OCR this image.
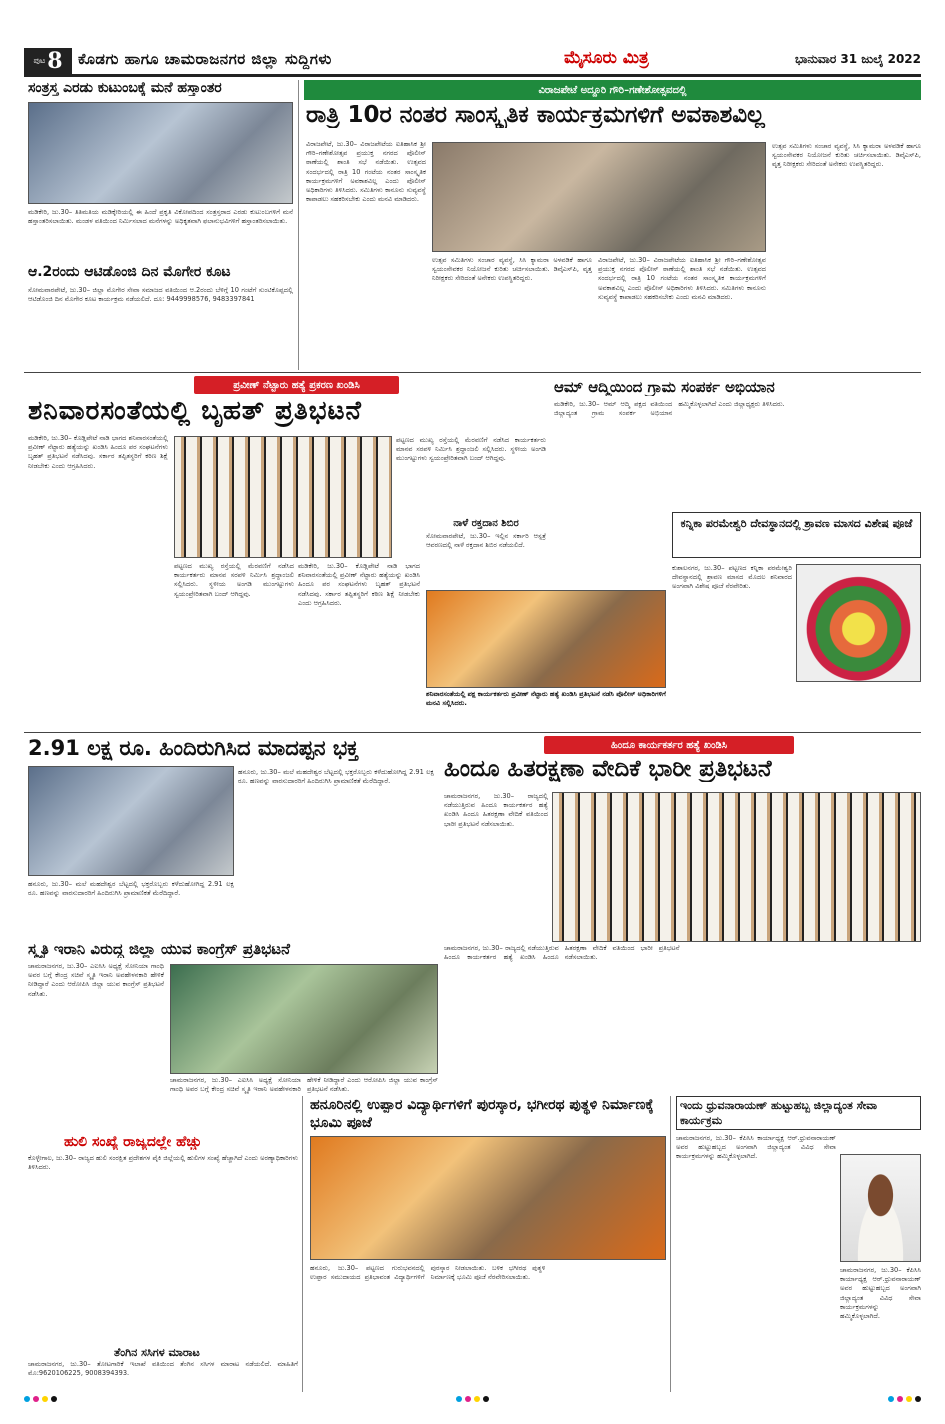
ಪುಟ 8 ಕೊಡಗು ಹಾಗೂ ಚಾಮರಾಜನಗರ ಜಿಲ್ಲಾ ಸುದ್ದಿಗಳು	ಮೈಸೂರು ಮಿತ್ರ	ಭಾನುವಾರ 31 ಜುಲೈ 2022
ಸಂತ್ರಸ್ತ ಎರಡು ಕುಟುಂಬಕ್ಕೆ ಮನೆ ಹಸ್ತಾಂತರ
ಮಡಿಕೇರಿ, ಜು.30– ತಿತಿಮತಿಯ ಮಡಿಕ್ಕೇರಿಯಲ್ಲಿ ಈ ಹಿಂದೆ ಪ್ರಕೃತಿ ವಿಕೋಪದಿಂದ ಸಂತ್ರಸ್ತರಾದ ಎರಡು ಕುಟುಂಬಗಳಿಗೆ ಮನೆ ಹಸ್ತಾಂತರಿಸಲಾಯಿತು. ಮಂಡಳ ವತಿಯಿಂದ ನಿರ್ಮಿಸಲಾದ ಮನೆಗಳನ್ನು ಅಧಿಕೃತವಾಗಿ ಫಲಾನುಭವಿಗಳಿಗೆ ಹಸ್ತಾಂತರಿಸಲಾಯಿತು.
ಆ.2ರಂದು ಆಟಿಡೊಂಜಿ ದಿನ ಮೊಗೇರ ಕೂಟ
ಸೋಮವಾರಪೇಟೆ, ಜು.30– ಜಿಲ್ಲಾ ಮೊಗೇರ ಸೇವಾ ಸಮಾಜದ ವತಿಯಿಂದ ಆ.2ರಂದು ಬೆಳಿಗ್ಗೆ 10 ಗಂಟೆಗೆ ಸುಂಟಿಕೊಪ್ಪದಲ್ಲಿ ಆಟಿಡೊಂಜಿ ದಿನ ಮೊಗೇರ ಕೂಟ ಕಾರ್ಯಕ್ರಮ ನಡೆಯಲಿದೆ. ದೂ: 9449998576, 9483397841
ವಿರಾಜಪೇಟೆ ಅದ್ದೂರಿ ಗೌರಿ–ಗಣೇಶೋತ್ಸವದಲ್ಲಿ
ರಾತ್ರಿ 10ರ ನಂತರ ಸಾಂಸ್ಕೃತಿಕ ಕಾರ್ಯಕ್ರಮಗಳಿಗೆ ಅವಕಾಶವಿಲ್ಲ
ವಿರಾಜಪೇಟೆ, ಜು.30– ವಿರಾಜಪೇಟೆಯ ಐತಿಹಾಸಿಕ ಶ್ರೀ ಗೌರಿ–ಗಣೇಶೋತ್ಸವ ಪ್ರಯುಕ್ತ ನಗರದ ಪೊಲೀಸ್ ಠಾಣೆಯಲ್ಲಿ ಶಾಂತಿ ಸಭೆ ನಡೆಯಿತು. ಉತ್ಸವದ ಸಂದರ್ಭದಲ್ಲಿ ರಾತ್ರಿ 10 ಗಂಟೆಯ ನಂತರ ಸಾಂಸ್ಕೃತಿಕ ಕಾರ್ಯಕ್ರಮಗಳಿಗೆ ಅವಕಾಶವಿಲ್ಲ ಎಂದು ಪೊಲೀಸ್ ಅಧಿಕಾರಿಗಳು ತಿಳಿಸಿದರು. ಸಮಿತಿಗಳು ಕಾನೂನು ಸುವ್ಯವಸ್ಥೆ ಕಾಪಾಡಲು ಸಹಕರಿಸಬೇಕು ಎಂದು ಮನವಿ ಮಾಡಿದರು.
ಉತ್ಸವ ಸಮಿತಿಗಳು ಸಂಚಾರ ವ್ಯವಸ್ಥೆ, ಸಿಸಿ ಕ್ಯಾಮರಾ ಅಳವಡಿಕೆ ಹಾಗೂ ಸ್ವಯಂಸೇವಕರ ನಿಯೋಜನೆ ಕುರಿತು ಚರ್ಚಿಸಲಾಯಿತು. ಡಿವೈಎಸ್‌ಪಿ, ವೃತ್ತ ನಿರೀಕ್ಷಕರು ಸೇರಿದಂತೆ ಅನೇಕರು ಉಪಸ್ಥಿತರಿದ್ದರು.
ವಿರಾಜಪೇಟೆ, ಜು.30– ವಿರಾಜಪೇಟೆಯ ಐತಿಹಾಸಿಕ ಶ್ರೀ ಗೌರಿ–ಗಣೇಶೋತ್ಸವ ಪ್ರಯುಕ್ತ ನಗರದ ಪೊಲೀಸ್ ಠಾಣೆಯಲ್ಲಿ ಶಾಂತಿ ಸಭೆ ನಡೆಯಿತು. ಉತ್ಸವದ ಸಂದರ್ಭದಲ್ಲಿ ರಾತ್ರಿ 10 ಗಂಟೆಯ ನಂತರ ಸಾಂಸ್ಕೃತಿಕ ಕಾರ್ಯಕ್ರಮಗಳಿಗೆ ಅವಕಾಶವಿಲ್ಲ ಎಂದು ಪೊಲೀಸ್ ಅಧಿಕಾರಿಗಳು ತಿಳಿಸಿದರು. ಸಮಿತಿಗಳು ಕಾನೂನು ಸುವ್ಯವಸ್ಥೆ ಕಾಪಾಡಲು ಸಹಕರಿಸಬೇಕು ಎಂದು ಮನವಿ ಮಾಡಿದರು.
ಉತ್ಸವ ಸಮಿತಿಗಳು ಸಂಚಾರ ವ್ಯವಸ್ಥೆ, ಸಿಸಿ ಕ್ಯಾಮರಾ ಅಳವಡಿಕೆ ಹಾಗೂ ಸ್ವಯಂಸೇವಕರ ನಿಯೋಜನೆ ಕುರಿತು ಚರ್ಚಿಸಲಾಯಿತು. ಡಿವೈಎಸ್‌ಪಿ, ವೃತ್ತ ನಿರೀಕ್ಷಕರು ಸೇರಿದಂತೆ ಅನೇಕರು ಉಪಸ್ಥಿತರಿದ್ದರು.
ಪ್ರವೀಣ್ ನೆಟ್ಟಾರು ಹತ್ಯೆ ಪ್ರಕರಣ ಖಂಡಿಸಿ
ಶನಿವಾರಸಂತೆಯಲ್ಲಿ ಬೃಹತ್ ಪ್ರತಿಭಟನೆ
ಮಡಿಕೇರಿ, ಜು.30– ಕೊಡ್ಲಿಪೇಟೆ ನಾಡಿ ಭಾಗದ ಶನಿವಾರಸಂತೆಯಲ್ಲಿ ಪ್ರವೀಣ್ ನೆಟ್ಟಾರು ಹತ್ಯೆಯನ್ನು ಖಂಡಿಸಿ ಹಿಂದೂ ಪರ ಸಂಘಟನೆಗಳು ಬೃಹತ್ ಪ್ರತಿಭಟನೆ ನಡೆಸಿದವು. ಸರ್ಕಾರ ತಪ್ಪಿತಸ್ಥರಿಗೆ ಕಠಿಣ ಶಿಕ್ಷೆ ನೀಡಬೇಕು ಎಂದು ಆಗ್ರಹಿಸಿದರು.
ಪಟ್ಟಣದ ಮುಖ್ಯ ರಸ್ತೆಯಲ್ಲಿ ಮೆರವಣಿಗೆ ನಡೆಸಿದ ಕಾರ್ಯಕರ್ತರು ಮಾನವ ಸರಪಳಿ ನಿರ್ಮಿಸಿ ಶ್ರದ್ಧಾಂಜಲಿ ಸಲ್ಲಿಸಿದರು. ಸ್ಥಳೀಯ ಅಂಗಡಿ ಮುಂಗಟ್ಟುಗಳು ಸ್ವಯಂಪ್ರೇರಿತವಾಗಿ ಬಂದ್ ಆಗಿದ್ದವು.
ಮಡಿಕೇರಿ, ಜು.30– ಕೊಡ್ಲಿಪೇಟೆ ನಾಡಿ ಭಾಗದ ಶನಿವಾರಸಂತೆಯಲ್ಲಿ ಪ್ರವೀಣ್ ನೆಟ್ಟಾರು ಹತ್ಯೆಯನ್ನು ಖಂಡಿಸಿ ಹಿಂದೂ ಪರ ಸಂಘಟನೆಗಳು ಬೃಹತ್ ಪ್ರತಿಭಟನೆ ನಡೆಸಿದವು. ಸರ್ಕಾರ ತಪ್ಪಿತಸ್ಥರಿಗೆ ಕಠಿಣ ಶಿಕ್ಷೆ ನೀಡಬೇಕು ಎಂದು ಆಗ್ರಹಿಸಿದರು.
ಪಟ್ಟಣದ ಮುಖ್ಯ ರಸ್ತೆಯಲ್ಲಿ ಮೆರವಣಿಗೆ ನಡೆಸಿದ ಕಾರ್ಯಕರ್ತರು ಮಾನವ ಸರಪಳಿ ನಿರ್ಮಿಸಿ ಶ್ರದ್ಧಾಂಜಲಿ ಸಲ್ಲಿಸಿದರು. ಸ್ಥಳೀಯ ಅಂಗಡಿ ಮುಂಗಟ್ಟುಗಳು ಸ್ವಯಂಪ್ರೇರಿತವಾಗಿ ಬಂದ್ ಆಗಿದ್ದವು.
ನಾಳೆ ರಕ್ತದಾನ ಶಿಬಿರ
ಸೋಮವಾರಪೇಟೆ, ಜು.30– ಇಲ್ಲಿನ ಸರ್ಕಾರಿ ಆಸ್ಪತ್ರೆ ಆವರಣದಲ್ಲಿ ನಾಳೆ ರಕ್ತದಾನ ಶಿಬಿರ ನಡೆಯಲಿದೆ.
ಶನಿವಾರಸಂತೆಯಲ್ಲಿ ಪಕ್ಷ ಕಾರ್ಯಕರ್ತರು ಪ್ರವೀಣ್ ನೆಟ್ಟಾರು ಹತ್ಯೆ ಖಂಡಿಸಿ ಪ್ರತಿಭಟನೆ ನಡೆಸಿ ಪೊಲೀಸ್ ಅಧಿಕಾರಿಗಳಿಗೆ ಮನವಿ ಸಲ್ಲಿಸಿದರು.
ಆಮ್ ಆದ್ಮಿಯಿಂದ ಗ್ರಾಮ ಸಂಪರ್ಕ ಅಭಿಯಾನ
ಮಡಿಕೇರಿ, ಜು.30– ಆಮ್ ಆದ್ಮಿ ಪಕ್ಷದ ವತಿಯಿಂದ ಜಿಲ್ಲಾದ್ಯಂತ ಗ್ರಾಮ ಸಂಪರ್ಕ ಅಭಿಯಾನ ಹಮ್ಮಿಕೊಳ್ಳಲಾಗಿದೆ ಎಂದು ಜಿಲ್ಲಾಧ್ಯಕ್ಷರು ತಿಳಿಸಿದರು.
ಕನ್ನಿಕಾ ಪರಮೇಶ್ವರಿ ದೇವಸ್ಥಾನದಲ್ಲಿ ಶ್ರಾವಣ ಮಾಸದ ವಿಶೇಷ ಪೂಜೆ
ಕುಶಾಲನಗರ, ಜು.30– ಪಟ್ಟಣದ ಕನ್ನಿಕಾ ಪರಮೇಶ್ವರಿ ದೇವಸ್ಥಾನದಲ್ಲಿ ಶ್ರಾವಣ ಮಾಸದ ಮೊದಲ ಶನಿವಾರದ ಅಂಗವಾಗಿ ವಿಶೇಷ ಪೂಜೆ ನೆರವೇರಿತು.
2.91 ಲಕ್ಷ ರೂ. ಹಿಂದಿರುಗಿಸಿದ ಮಾದಪ್ಪನ ಭಕ್ತ
ಹನೂರು, ಜು.30– ಮಲೆ ಮಹದೇಶ್ವರ ಬೆಟ್ಟದಲ್ಲಿ ಭಕ್ತರೊಬ್ಬರು ಕಳೆದುಹೋಗಿದ್ದ 2.91 ಲಕ್ಷ ರೂ. ಹಣವನ್ನು ವಾರಸುದಾರರಿಗೆ ಹಿಂದಿರುಗಿಸಿ ಪ್ರಾಮಾಣಿಕತೆ ಮೆರೆದಿದ್ದಾರೆ.
ಹನೂರು, ಜು.30– ಮಲೆ ಮಹದೇಶ್ವರ ಬೆಟ್ಟದಲ್ಲಿ ಭಕ್ತರೊಬ್ಬರು ಕಳೆದುಹೋಗಿದ್ದ 2.91 ಲಕ್ಷ ರೂ. ಹಣವನ್ನು ವಾರಸುದಾರರಿಗೆ ಹಿಂದಿರುಗಿಸಿ ಪ್ರಾಮಾಣಿಕತೆ ಮೆರೆದಿದ್ದಾರೆ.
ಹಿಂದೂ ಕಾರ್ಯಕರ್ತರ ಹತ್ಯೆ ಖಂಡಿಸಿ
ಹಿಂದೂ ಹಿತರಕ್ಷಣಾ ವೇದಿಕೆ ಭಾರೀ ಪ್ರತಿಭಟನೆ
ಚಾಮರಾಜನಗರ, ಜು.30– ರಾಜ್ಯದಲ್ಲಿ ನಡೆಯುತ್ತಿರುವ ಹಿಂದೂ ಕಾರ್ಯಕರ್ತರ ಹತ್ಯೆ ಖಂಡಿಸಿ ಹಿಂದೂ ಹಿತರಕ್ಷಣಾ ವೇದಿಕೆ ವತಿಯಿಂದ ಭಾರೀ ಪ್ರತಿಭಟನೆ ನಡೆಸಲಾಯಿತು.
ಚಾಮರಾಜನಗರ, ಜು.30– ರಾಜ್ಯದಲ್ಲಿ ನಡೆಯುತ್ತಿರುವ ಹಿಂದೂ ಕಾರ್ಯಕರ್ತರ ಹತ್ಯೆ ಖಂಡಿಸಿ ಹಿಂದೂ ಹಿತರಕ್ಷಣಾ ವೇದಿಕೆ ವತಿಯಿಂದ ಭಾರೀ ಪ್ರತಿಭಟನೆ ನಡೆಸಲಾಯಿತು.
ಸ್ಮೃತಿ ಇರಾನಿ ವಿರುದ್ಧ ಜಿಲ್ಲಾ ಯುವ ಕಾಂಗ್ರೆಸ್ ಪ್ರತಿಭಟನೆ
ಚಾಮರಾಜನಗರ, ಜು.30– ಎಐಸಿಸಿ ಅಧ್ಯಕ್ಷೆ ಸೋನಿಯಾ ಗಾಂಧಿ ಅವರ ಬಗ್ಗೆ ಕೇಂದ್ರ ಸಚಿವೆ ಸ್ಮೃತಿ ಇರಾನಿ ಅವಹೇಳನಕಾರಿ ಹೇಳಿಕೆ ನೀಡಿದ್ದಾರೆ ಎಂದು ಆರೋಪಿಸಿ ಜಿಲ್ಲಾ ಯುವ ಕಾಂಗ್ರೆಸ್ ಪ್ರತಿಭಟನೆ ನಡೆಸಿತು.
ಚಾಮರಾಜನಗರ, ಜು.30– ಎಐಸಿಸಿ ಅಧ್ಯಕ್ಷೆ ಸೋನಿಯಾ ಗಾಂಧಿ ಅವರ ಬಗ್ಗೆ ಕೇಂದ್ರ ಸಚಿವೆ ಸ್ಮೃತಿ ಇರಾನಿ ಅವಹೇಳನಕಾರಿ ಹೇಳಿಕೆ ನೀಡಿದ್ದಾರೆ ಎಂದು ಆರೋಪಿಸಿ ಜಿಲ್ಲಾ ಯುವ ಕಾಂಗ್ರೆಸ್ ಪ್ರತಿಭಟನೆ ನಡೆಸಿತು.
ಹುಲಿ ಸಂಖ್ಯೆ ರಾಜ್ಯದಲ್ಲೇ ಹೆಚ್ಚು
ಕೊಳ್ಳೇಗಾಲ, ಜು.30– ರಾಜ್ಯದ ಹುಲಿ ಸಂರಕ್ಷಿತ ಪ್ರದೇಶಗಳ ಪೈಕಿ ಜಿಲ್ಲೆಯಲ್ಲಿ ಹುಲಿಗಳ ಸಂಖ್ಯೆ ಹೆಚ್ಚಾಗಿದೆ ಎಂದು ಅರಣ್ಯಾಧಿಕಾರಿಗಳು ತಿಳಿಸಿದರು.
ತೆಂಗಿನ ಸಸಿಗಳ ಮಾರಾಟ
ಚಾಮರಾಜನಗರ, ಜು.30– ತೋಟಗಾರಿಕೆ ಇಲಾಖೆ ವತಿಯಿಂದ ತೆಂಗಿನ ಸಸಿಗಳ ಮಾರಾಟ ನಡೆಯಲಿದೆ. ಮಾಹಿತಿಗೆ ಮೊ:9620106225, 9008394393.
ಹನೂರಿನಲ್ಲಿ ಉಪ್ಪಾರ ವಿದ್ಯಾರ್ಥಿಗಳಿಗೆ ಪುರಸ್ಕಾರ, ಭಗೀರಥ ಪುತ್ಥಳಿ ನಿರ್ಮಾಣಕ್ಕೆ ಭೂಮಿ ಪೂಜೆ
ಹನೂರು, ಜು.30– ಪಟ್ಟಣದ ಗುರುಭವನದಲ್ಲಿ ಉಪ್ಪಾರ ಸಮುದಾಯದ ಪ್ರತಿಭಾವಂತ ವಿದ್ಯಾರ್ಥಿಗಳಿಗೆ ಪುರಸ್ಕಾರ ನೀಡಲಾಯಿತು. ಬಳಿಕ ಭಗೀರಥ ಪುತ್ಥಳಿ ನಿರ್ಮಾಣಕ್ಕೆ ಭೂಮಿ ಪೂಜೆ ನೆರವೇರಿಸಲಾಯಿತು.
ಇಂದು ಧ್ರುವನಾರಾಯಣ್ ಹುಟ್ಟುಹಬ್ಬ ಜಿಲ್ಲಾದ್ಯಂತ ಸೇವಾ ಕಾರ್ಯಕ್ರಮ
ಚಾಮರಾಜನಗರ, ಜು.30– ಕೆಪಿಸಿಸಿ ಕಾರ್ಯಾಧ್ಯಕ್ಷ ಆರ್.ಧ್ರುವನಾರಾಯಣ್ ಅವರ ಹುಟ್ಟುಹಬ್ಬದ ಅಂಗವಾಗಿ ಜಿಲ್ಲಾದ್ಯಂತ ವಿವಿಧ ಸೇವಾ ಕಾರ್ಯಕ್ರಮಗಳನ್ನು ಹಮ್ಮಿಕೊಳ್ಳಲಾಗಿದೆ.
ಚಾಮರಾಜನಗರ, ಜು.30– ಕೆಪಿಸಿಸಿ ಕಾರ್ಯಾಧ್ಯಕ್ಷ ಆರ್.ಧ್ರುವನಾರಾಯಣ್ ಅವರ ಹುಟ್ಟುಹಬ್ಬದ ಅಂಗವಾಗಿ ಜಿಲ್ಲಾದ್ಯಂತ ವಿವಿಧ ಸೇವಾ ಕಾರ್ಯಕ್ರಮಗಳನ್ನು ಹಮ್ಮಿಕೊಳ್ಳಲಾಗಿದೆ.
